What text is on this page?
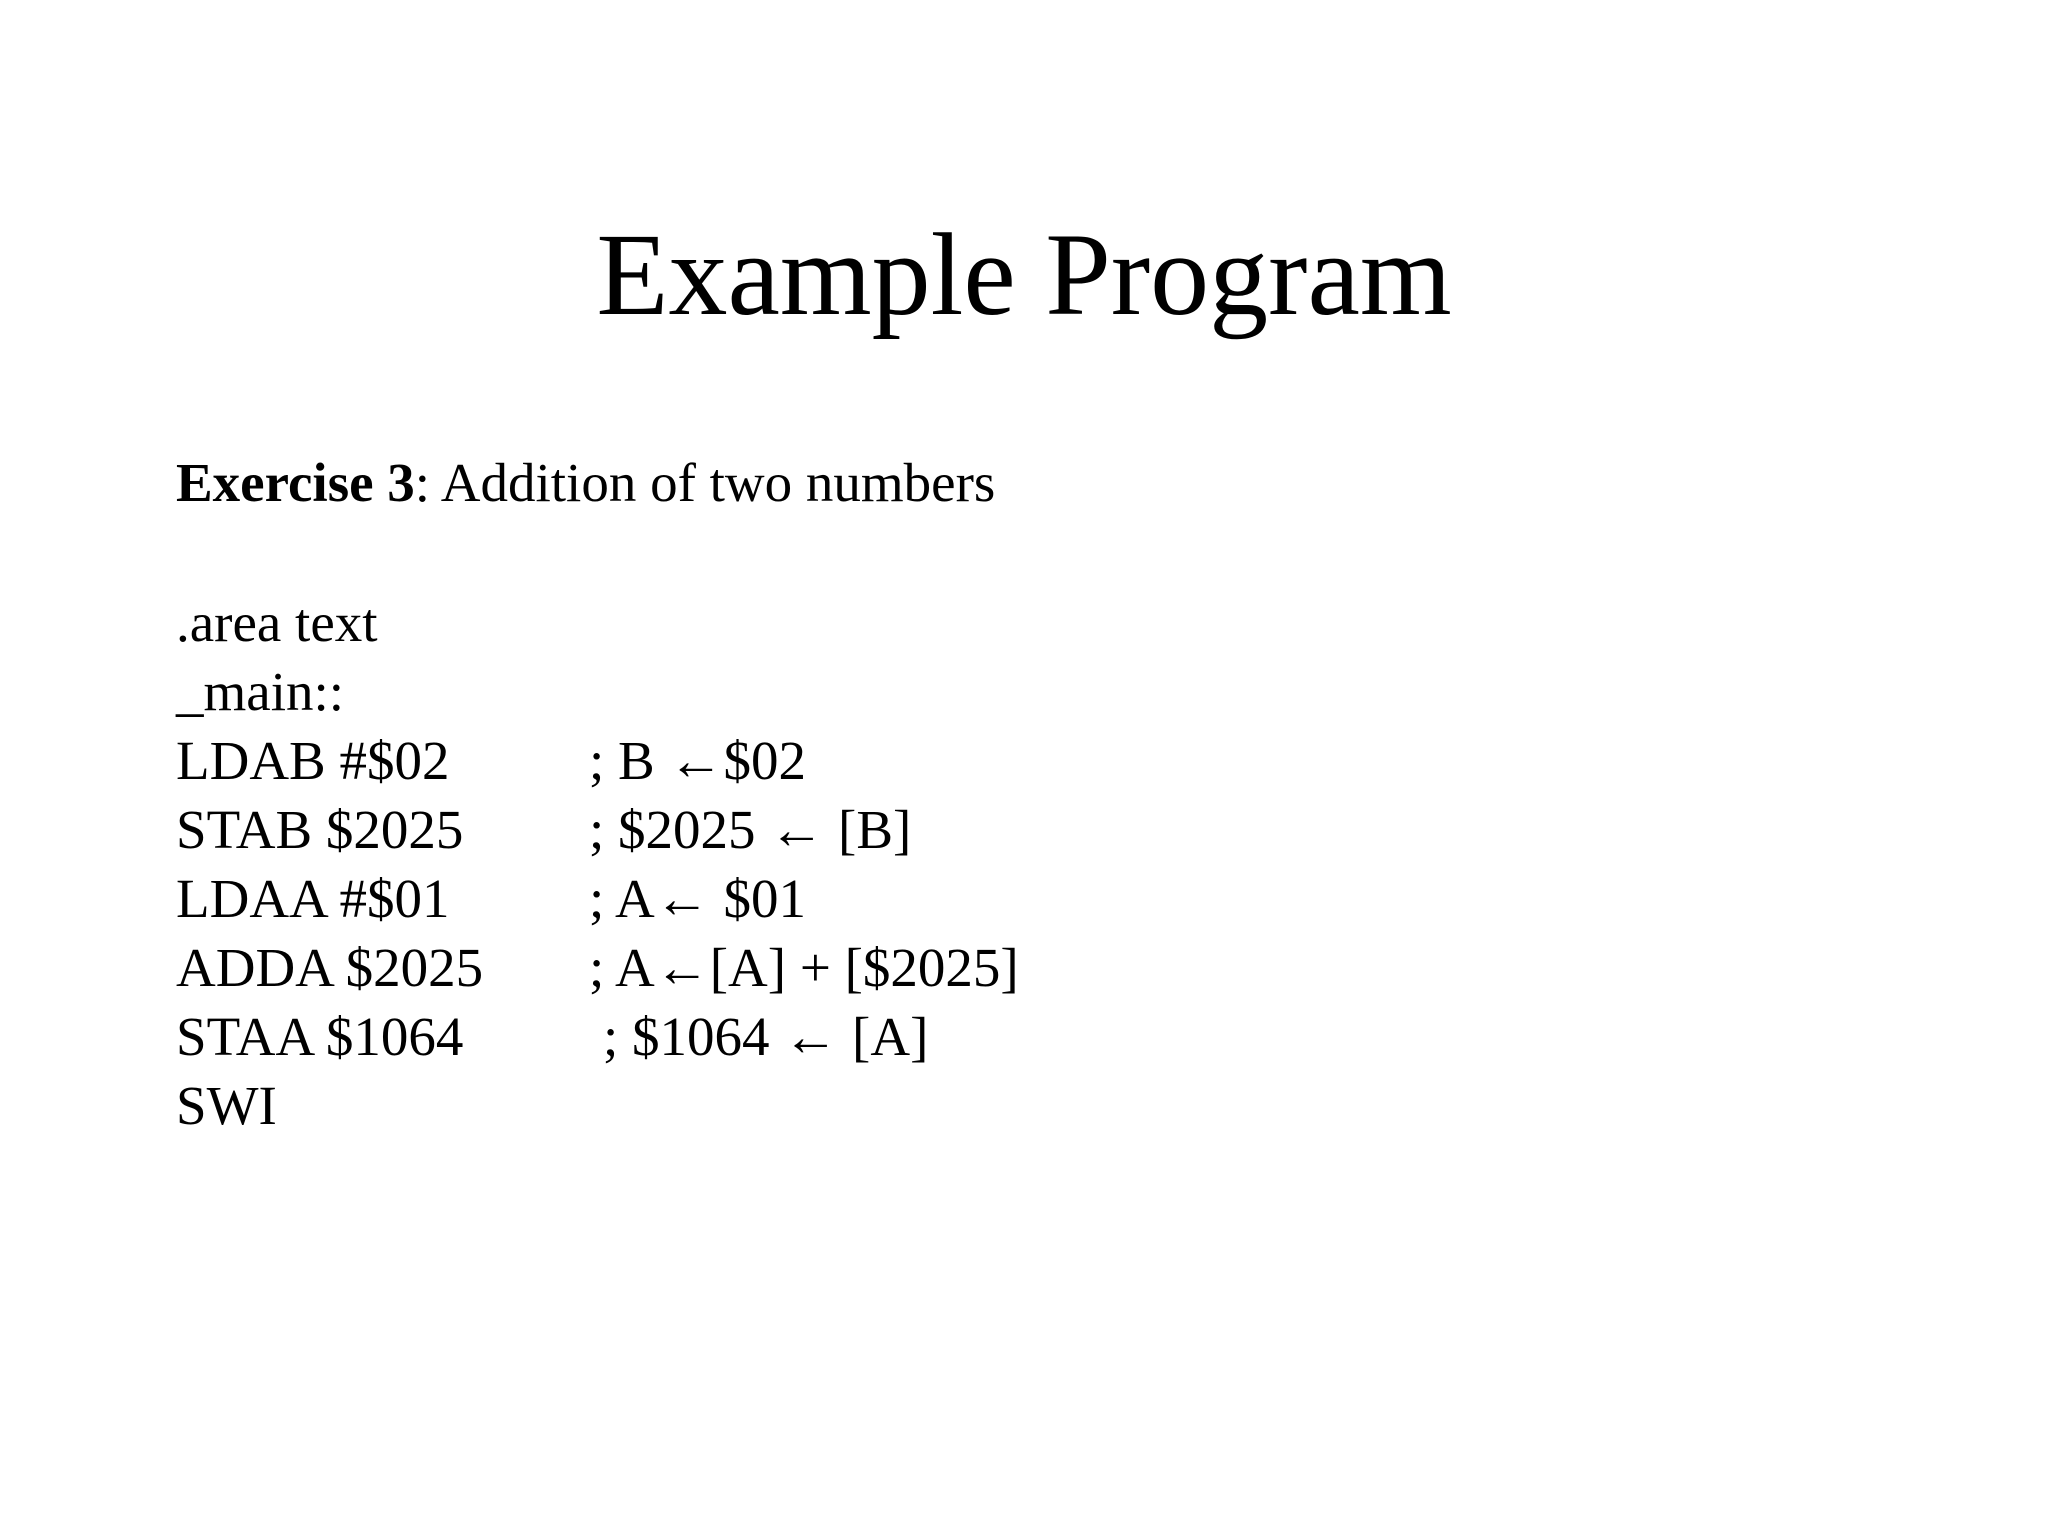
Example Program
Exercise 3: Addition of two numbers
.area text
_main::
LDAB #$02	; B ←$02
STAB $2025 ; $2025 ← [B]
LDAA #$01	; A← $01
ADDA $2025 ; A←[A] + [$2025]
STAA $1064	; $1064 ← [A]
SWI
